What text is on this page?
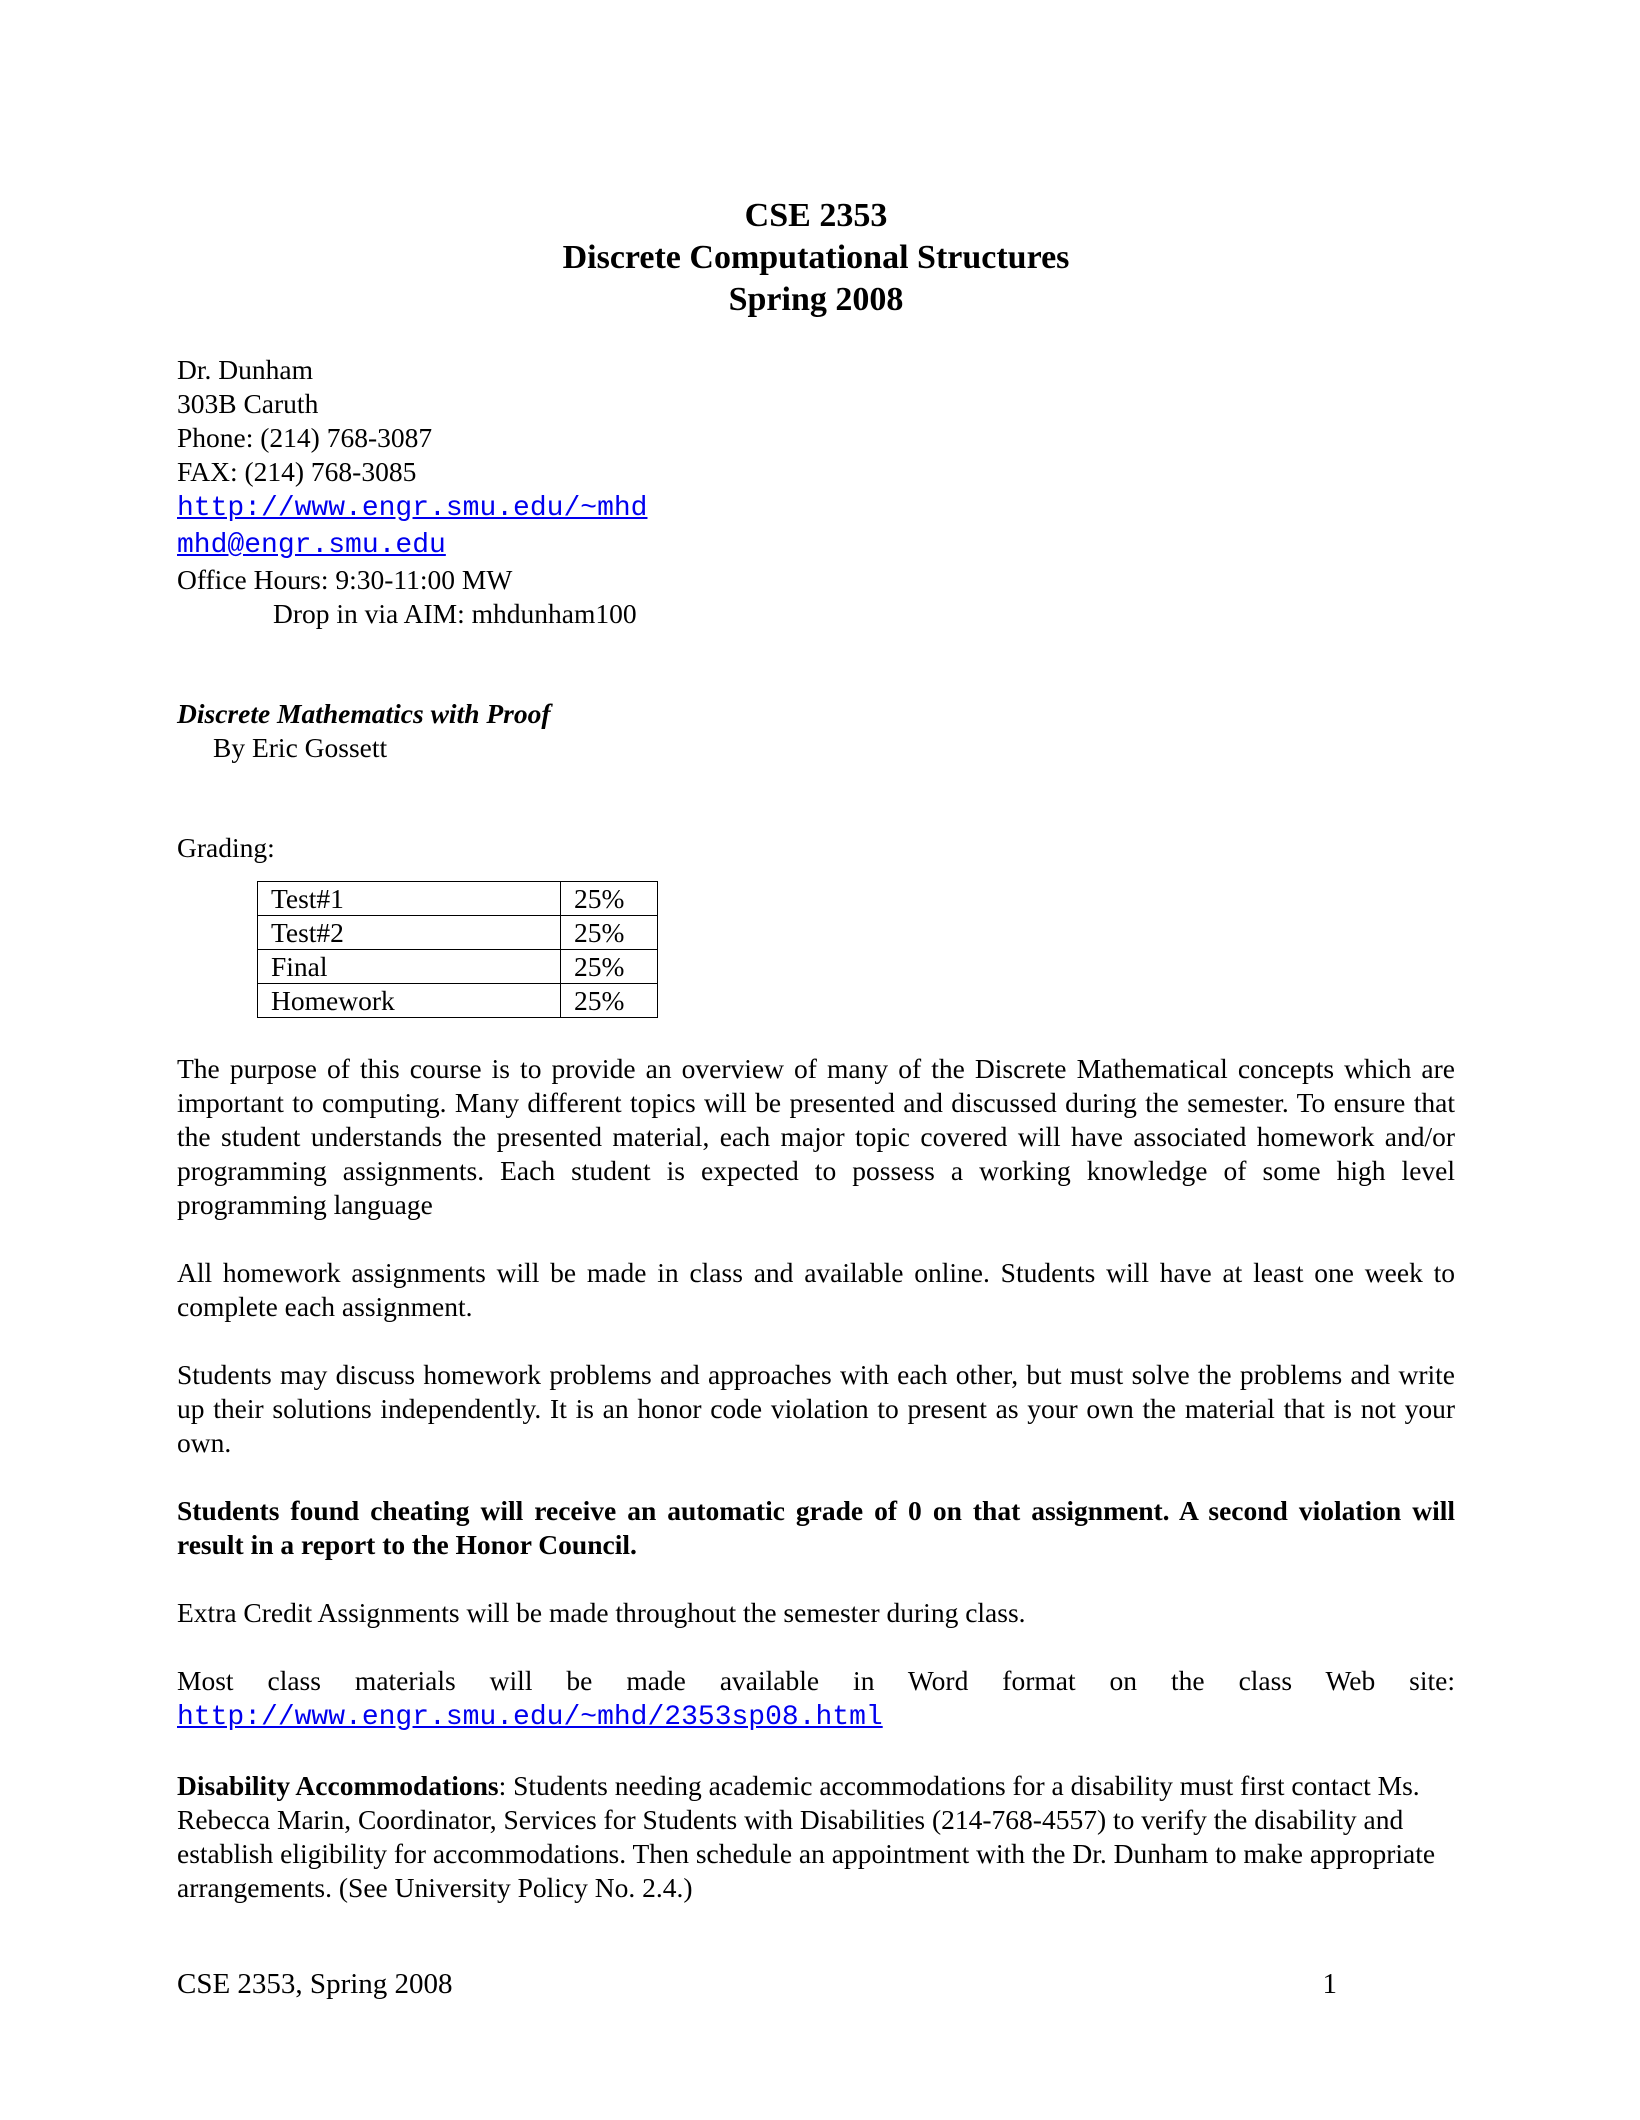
CSE 2353
Discrete Computational Structures
Spring 2008
Dr. Dunham
303B Caruth
Phone: (214) 768-3087
FAX: (214) 768-3085
http://www.engr.smu.edu/~mhd
mhd@engr.smu.edu
Office Hours: 9:30-11:00 MW
Drop in via AIM: mhdunham100
Discrete Mathematics with Proof
By Eric Gossett
Grading:
Test#1	25%
Test#2	25%
Final	25%
Homework	25%
The purpose of this course is to provide an overview of many of the Discrete Mathematical concepts which are important to computing. Many different topics will be presented and discussed during the semester. To ensure that the student understands the presented material, each major topic covered will have associated homework and/or programming assignments. Each student is expected to possess a working knowledge of some high level programming language
All homework assignments will be made in class and available online. Students will have at least one week to complete each assignment.
Students may discuss homework problems and approaches with each other, but must solve the problems and write up their solutions independently. It is an honor code violation to present as your own the material that is not your own.
Students found cheating will receive an automatic grade of 0 on that assignment. A second violation will result in a report to the Honor Council.
Extra Credit Assignments will be made throughout the semester during class.
Most class materials will be made available in Word format on the class Web site:
http://www.engr.smu.edu/~mhd/2353sp08.html
Disability Accommodations: Students needing academic accommodations for a disability must first contact Ms. Rebecca Marin, Coordinator, Services for Students with Disabilities (214-768-4557) to verify the disability and establish eligibility for accommodations. Then schedule an appointment with the Dr. Dunham to make appropriate arrangements. (See University Policy No. 2.4.)
CSE 2353, Spring 2008	1
